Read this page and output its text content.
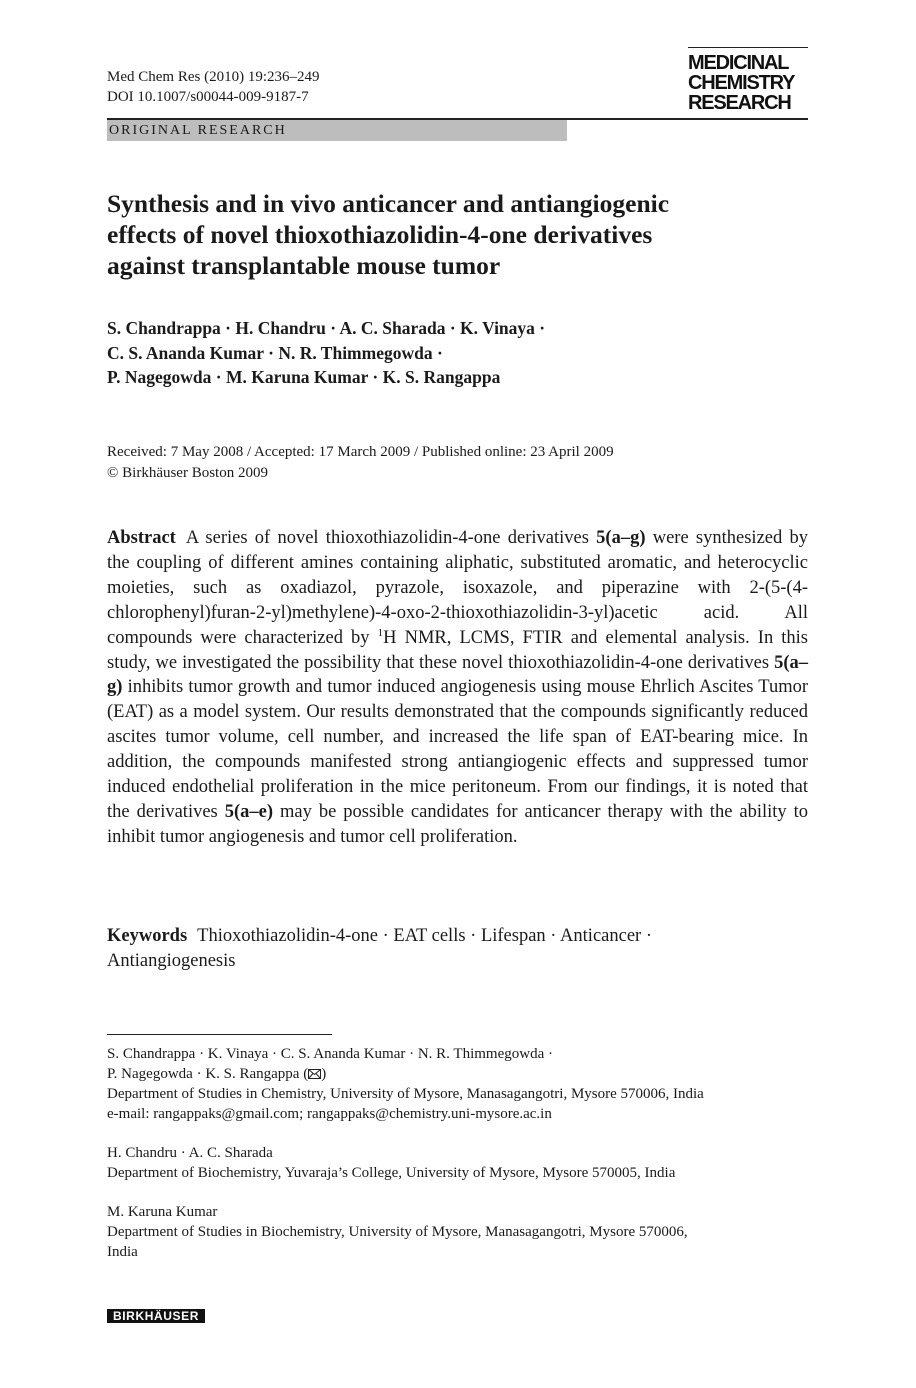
Med Chem Res (2010) 19:236–249
DOI 10.1007/s00044-009-9187-7
MEDICINAL
CHEMISTRY
RESEARCH
ORIGINAL RESEARCH
Synthesis and in vivo anticancer and antiangiogenic
effects of novel thioxothiazolidin-4-one derivatives
against transplantable mouse tumor
S. Chandrappa · H. Chandru · A. C. Sharada · K. Vinaya ·
C. S. Ananda Kumar · N. R. Thimmegowda ·
P. Nagegowda · M. Karuna Kumar · K. S. Rangappa
Received: 7 May 2008 / Accepted: 17 March 2009 / Published online: 23 April 2009
© Birkhäuser Boston 2009
Abstract A series of novel thioxothiazolidin-4-one derivatives 5(a–g) were synthesized by the coupling of different amines containing aliphatic, substituted aromatic, and heterocyclic moieties, such as oxadiazol, pyrazole, isoxazole, and piperazine with 2-(5-(4-chlorophenyl)furan-2-yl)methylene)-4-oxo-2-thioxothiazolidin-3-yl)acetic acid. All compounds were characterized by $^1$H NMR, LCMS, FTIR and elemental analysis. In this study, we investigated the possibility that these novel thioxothiazolidin-4-one derivatives 5(a–g) inhibits tumor growth and tumor induced angiogenesis using mouse Ehrlich Ascites Tumor (EAT) as a model system. Our results demonstrated that the compounds significantly reduced ascites tumor volume, cell number, and increased the life span of EAT-bearing mice. In addition, the compounds manifested strong antiangiogenic effects and suppressed tumor induced endothelial proliferation in the mice peritoneum. From our findings, it is noted that the derivatives 5(a–e) may be possible candidates for anticancer therapy with the ability to inhibit tumor angiogenesis and tumor cell proliferation.
Keywords Thioxothiazolidin-4-one · EAT cells · Lifespan · Anticancer ·
Antiangiogenesis
S. Chandrappa · K. Vinaya · C. S. Ananda Kumar · N. R. Thimmegowda ·
P. Nagegowda · K. S. Rangappa ( )
Department of Studies in Chemistry, University of Mysore, Manasagangotri, Mysore 570006, India
e-mail: rangappaks@gmail.com; rangappaks@chemistry.uni-mysore.ac.in
H. Chandru · A. C. Sharada
Department of Biochemistry, Yuvaraja’s College, University of Mysore, Mysore 570005, India
M. Karuna Kumar
Department of Studies in Biochemistry, University of Mysore, Manasagangotri, Mysore 570006,
India
BIRKHÄUSER
